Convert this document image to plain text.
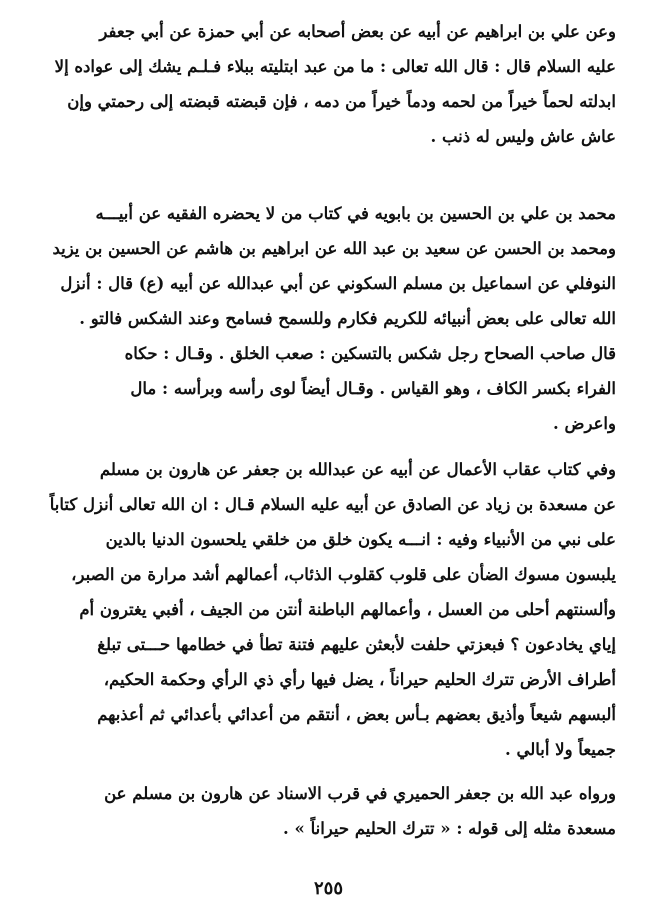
وعن علي بن ابراهيم عن أبيه عن بعض أصحابه عن أبي حمزة عن أبي جعفر
عليه السلام قال : قال الله تعالى : ما من عبد ابتليته ببلاء فـلـم يشك إلى عواده إلا
ابدلته لحماً خيراً من لحمه ودماً خيراً من دمه ، فإن قبضته قبضته إلى رحمتي وإن
عاش عاش وليس له ذنب .
محمد بن علي بن الحسين بن بابويه في كتاب من لا يحضره الفقيه عن أبيـــه
ومحمد بن الحسن عن سعيد بن عبد الله عن ابراهيم بن هاشم عن الحسين بن يزيد
النوفلي عن اسماعيل بن مسلم السكوني عن أبي عبدالله عن أبيه (ع) قال : أنزل
الله تعالى على بعض أنبيائه للكريم فكارم وللسمح فسامح وعند الشكس فالتو .
قال صاحب الصحاح رجل شكس بالتسكين : صعب الخلق . وقـال : حكاه
الفراء بكسر الكاف ، وهو القياس . وقـال أيضاً لوى رأسه وبرأسه : مال
واعرض .
وفي كتاب عقاب الأعمال عن أبيه عن عبدالله بن جعفر عن هارون بن مسلم
عن مسعدة بن زياد عن الصادق عن أبيه عليه السلام قـال : ان الله تعالى أنزل كتاباً
على نبي من الأنبياء وفيه : انـــه يكون خلق من خلقي يلحسون الدنيا بالدين
يلبسون مسوك الضأن على قلوب كقلوب الذئاب، أعمالهم أشد مرارة من الصبر،
وألسنتهم أحلى من العسل ، وأعمالهم الباطنة أنتن من الجيف ، أفبي يغترون أم
إياي يخادعون ؟ فبعزتي حلفت لأبعثن عليهم فتنة تطأ في خطامها حـــتى تبلغ
أطراف الأرض تترك الحليم حيراناً ، يضل فيها رأي ذي الرأي وحكمة الحكيم،
ألبسهم شيعاً وأذيق بعضهم بـأس بعض ، أنتقم من أعدائي بأعدائي ثم أعذبهم
جميعاً ولا أبالي .
ورواه عبد الله بن جعفر الحميري في قرب الاسناد عن هارون بن مسلم عن
مسعدة مثله إلى قوله : « تترك الحليم حيراناً » .
٢٥٥
